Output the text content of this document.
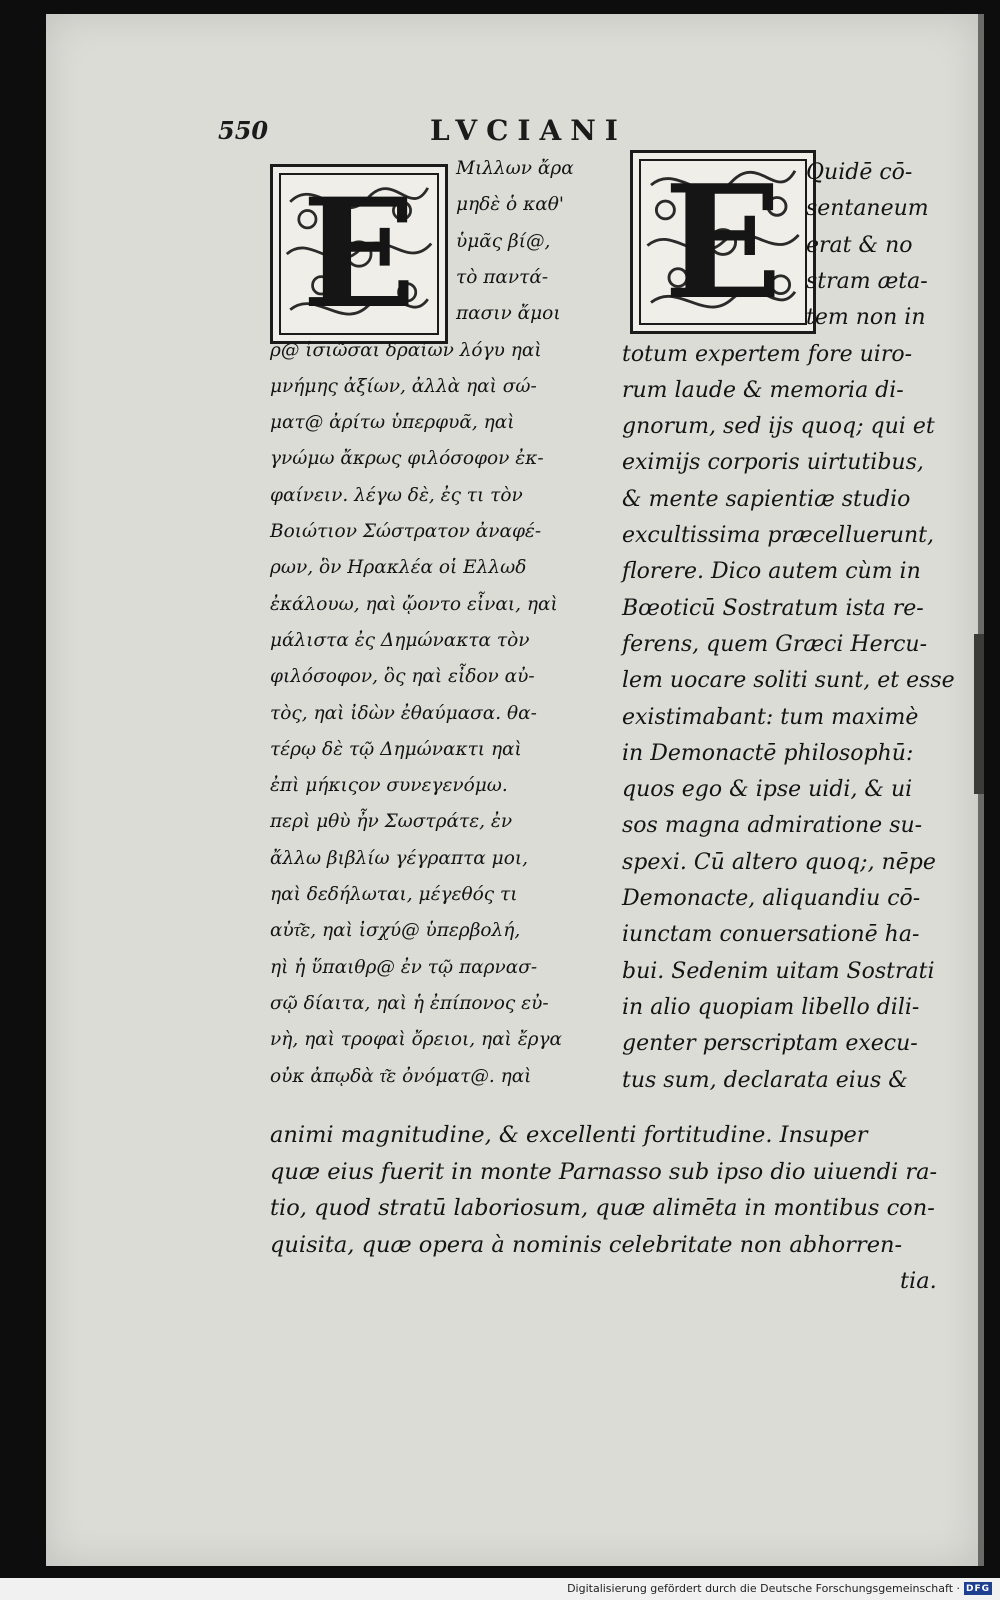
550	LVCIANI
E E
Μιλλων ἄρα
μηδὲ ὁ καθ'
ὑμᾶς βί@,
τὸ παντά-
πασιν ἄμοι
ρ@ ἰσιῶσαι δραίων λόγυ ηαὶ
μνήμης ἀξίων, ἀλλὰ ηαὶ σώ-
ματ@ ἀρίτω ὑπερφυᾶ, ηαὶ
γνώμω ἄκρως φιλόσοφον ἐκ-
φαίνειν. λέγω δὲ, ἐς τι τὸν
Βοιώτιον Σώστρατον ἀναφέ-
ρων, ὃν Ηρακλέα οἱ Ελλωδ
ἐκάλουω, ηαὶ ᾤοντο εἶναι, ηαὶ
μάλιστα ἐς Δημώνακτα τὸν
φιλόσοφον, ὃς ηαὶ εἶδον αὐ-
τὸς, ηαὶ ἰδὼν ἐθαύμασα. θα-
τέρῳ δὲ τῷ Δημώνακτι ηαὶ
ἐπὶ μήκιςον συνεγενόμω.
περὶ μθὺ ἦν Σωστράτε, ἐν
ἄλλω βιβλίω γέγραπτα μοι,
ηαὶ δεδήλωται, μέγεθός τι
αὐτ͂ε, ηαὶ ἰσχύ@ ὑπερβολή,
ηὶ ἡ ὕπαιθρ@ ἐν τῷ παρνασ-
σῷ δίαιτα, ηαὶ ἡ ἐπίπονος εὐ-
νὴ, ηαὶ τροφαὶ ὄρειοι, ηαὶ ἔργα
οὐκ ἀπῳδὰ τ͂ε ὀνόματ@. ηαὶ
Quidē cō-
sentaneum
erat & no
stram æta-
tem non in
totum expertem fore uiro-
rum laude & memoria di-
gnorum, sed ijs quoq; qui et
eximijs corporis uirtutibus,
& mente sapientiæ studio
excultissima præcelluerunt,
florere. Dico autem cùm in
Bœoticū Sostratum ista re-
ferens, quem Græci Hercu-
lem uocare soliti sunt, et esse
existimabant: tum maximè
in Demonactē philosophū:
quos ego & ipse uidi, & ui
sos magna admiratione su-
spexi. Cū altero quoq;, nēpe
Demonacte, aliquandiu cō-
iunctam conuersationē ha-
bui. Sedenim uitam Sostrati
in alio quopiam libello dili-
genter perscriptam execu-
tus sum, declarata eius &
animi magnitudine, & excellenti fortitudine. Insuper
quæ eius fuerit in monte Parnasso sub ipso dio uiuendi ra-
tio, quod stratū laboriosum, quæ alimēta in montibus con-
quisita, quæ opera à nominis celebritate non abhorren-
tia.
Digitalisierung gefördert durch die Deutsche Forschungsgemeinschaft · DFG
